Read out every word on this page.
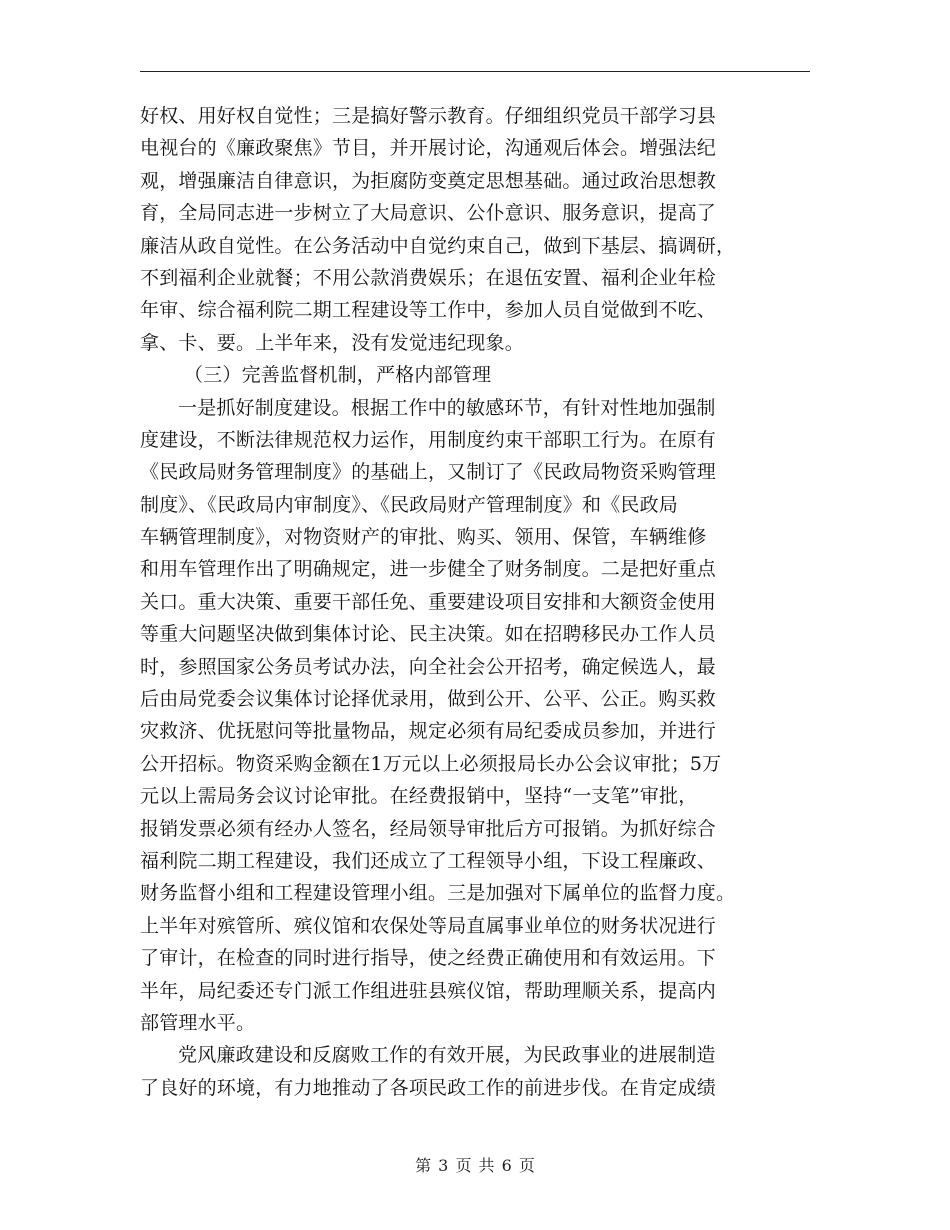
好权、用好权自觉性；三是搞好警示教育。仔细组织党员干部学习县
电视台的《廉政聚焦》节目，并开展讨论，沟通观后体会。增强法纪
观，增强廉洁自律意识，为拒腐防变奠定思想基础。通过政治思想教
育，全局同志进一步树立了大局意识、公仆意识、服务意识，提高了
廉洁从政自觉性。在公务活动中自觉约束自己，做到下基层、搞调研，
不到福利企业就餐；不用公款消费娱乐；在退伍安置、福利企业年检
年审、综合福利院二期工程建设等工作中，参加人员自觉做到不吃、
拿、卡、要。上半年来，没有发觉违纪现象。
（三）完善监督机制，严格内部管理
一是抓好制度建设。根据工作中的敏感环节，有针对性地加强制
度建设，不断法律规范权力运作，用制度约束干部职工行为。在原有
《民政局财务管理制度》的基础上，又制订了《民政局物资采购管理
制度》、《民政局内审制度》、《民政局财产管理制度》和《民政局
车辆管理制度》，对物资财产的审批、购买、领用、保管，车辆维修
和用车管理作出了明确规定，进一步健全了财务制度。二是把好重点
关口。重大决策、重要干部任免、重要建设项目安排和大额资金使用
等重大问题坚决做到集体讨论、民主决策。如在招聘移民办工作人员
时，参照国家公务员考试办法，向全社会公开招考，确定候选人，最
后由局党委会议集体讨论择优录用，做到公开、公平、公正。购买救
灾救济、优抚慰问等批量物品，规定必须有局纪委成员参加，并进行
公开招标。物资采购金额在1万元以上必须报局长办公会议审批；5万
元以上需局务会议讨论审批。在经费报销中，坚持“一支笔”审批，
报销发票必须有经办人签名，经局领导审批后方可报销。为抓好综合
福利院二期工程建设，我们还成立了工程领导小组，下设工程廉政、
财务监督小组和工程建设管理小组。三是加强对下属单位的监督力度。
上半年对殡管所、殡仪馆和农保处等局直属事业单位的财务状况进行
了审计，在检查的同时进行指导，使之经费正确使用和有效运用。下
半年，局纪委还专门派工作组进驻县殡仪馆，帮助理顺关系，提高内
部管理水平。
党风廉政建设和反腐败工作的有效开展，为民政事业的进展制造
了良好的环境，有力地推动了各项民政工作的前进步伐。在肯定成绩
第 3 页 共 6 页
